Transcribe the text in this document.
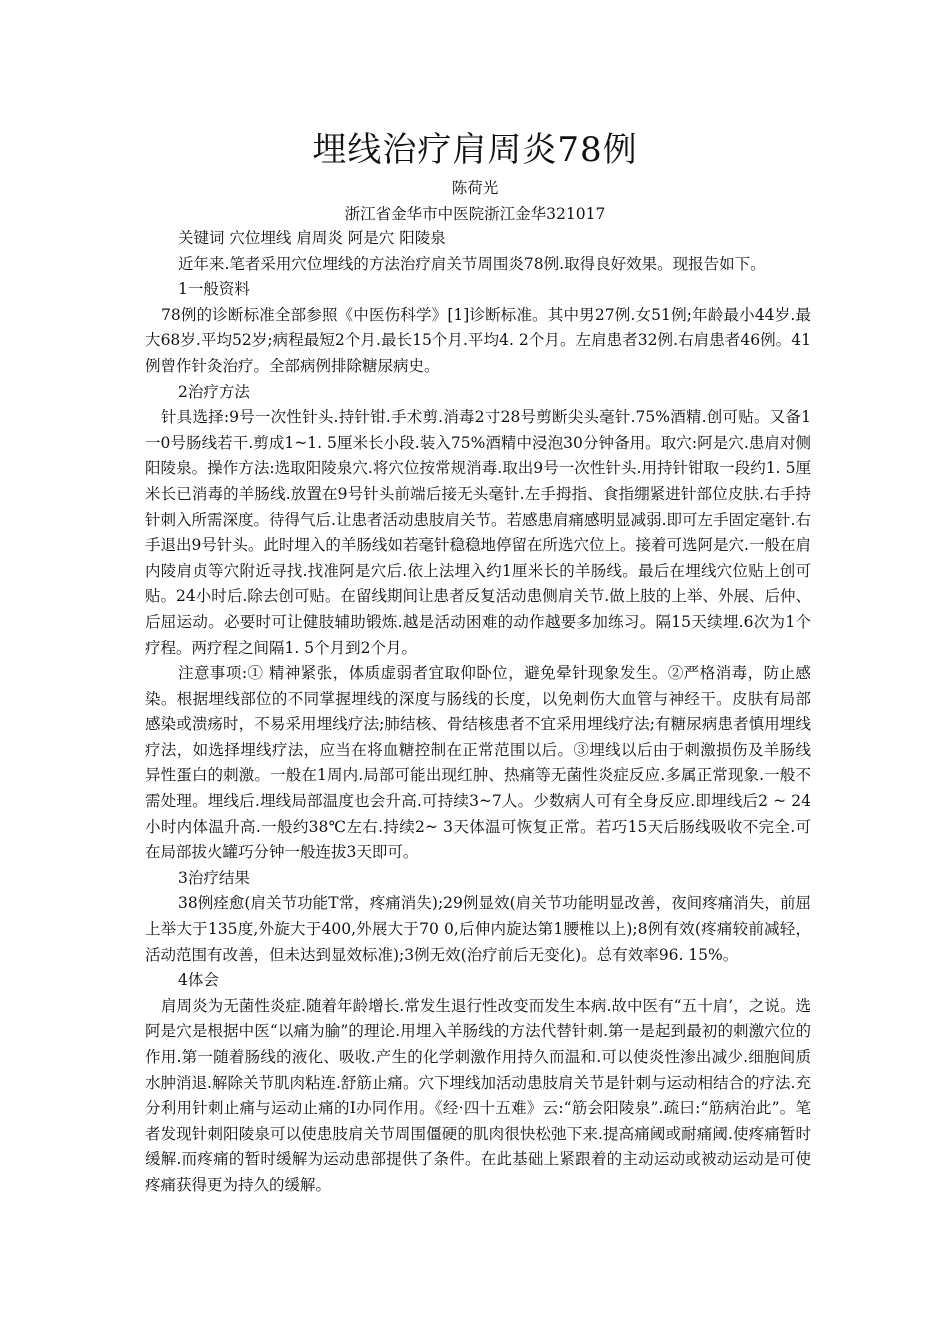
埋线治疗肩周炎78例
陈荷光
浙江省金华市中医院浙江金华321017

关键词 穴位埋线 肩周炎 阿是穴 阳陵泉

近年来.笔者采用穴位埋线的方法治疗肩关节周围炎78例.取得良好效果。现报告如下。

1一般资料

78例的诊断标准全部参照《中医伤科学》[1]诊断标准。其中男27例.女51例;年龄最小44岁.最大68岁.平均52岁;病程最短2个月.最长15个月.平均4. 2个月。左肩患者32例.右肩患者46例。41例曾作针灸治疗。全部病例排除糖尿病史。

2治疗方法

针具选择:9号一次性针头.持针钳.手术剪.消毒2寸28号剪断尖头毫针.75%酒精.创可贴。又备1一0号肠线若干.剪成1~1. 5厘米长小段.装入75%酒精中浸泡30分钟备用。取穴:阿是穴.患肩对侧阳陵泉。操作方法:选取阳陵泉穴.将穴位按常规消毒.取出9号一次性针头.用持针钳取一段约1. 5厘米长已消毒的羊肠线.放置在9号针头前端后接无头毫针.左手拇指、食指绷紧进针部位皮肤.右手持针刺入所需深度。待得气后.让患者活动患肢肩关节。若感患肩痛感明显减弱.即可左手固定毫针.右手退出9号针头。此时埋入的羊肠线如若毫针稳稳地停留在所选穴位上。接着可选阿是穴.一般在肩内陵肩贞等穴附近寻找.找准阿是穴后.依上法埋入约1厘米长的羊肠线。最后在埋线穴位贴上创可贴。24小时后.除去创可贴。在留线期间让患者反复活动患侧肩关节.做上肢的上举、外展、后仲、后屈运动。必要时可让健肢辅助锻炼.越是活动困难的动作越要多加练习。隔15天续埋.6次为1个疗程。两疗程之间隔1. 5个月到2个月。

注意事项:① 精神紧张，体质虚弱者宜取仰卧位，避免晕针现象发生。②严格消毒，防止感染。根据埋线部位的不同掌握埋线的深度与肠线的长度，以免刺伤大血管与神经干。皮肤有局部感染或溃疡时，不易采用埋线疗法;肺结核、骨结核患者不宜采用埋线疗法;有糖尿病患者慎用埋线疗法，如选择埋线疗法，应当在将血糖控制在正常范围以后。③埋线以后由于刺激损伤及羊肠线异性蛋白的刺激。一般在1周内.局部可能出现红肿、热痛等无菌性炎症反应.多属正常现象.一般不需处理。埋线后.埋线局部温度也会升高.可持续3~7人。少数病人可有全身反应.即埋线后2 ~ 24小时内体温升高.一般约38℃左右.持续2~ 3天体温可恢复正常。若巧15天后肠线吸收不完全.可在局部拔火罐巧分钟一般连拔3天即可。

3治疗结果

38例痊愈(肩关节功能T常，疼痛消失);29例显效(肩关节功能明显改善，夜间疼痛消失，前屈上举大于135度,外旋大于400,外展大于70 0,后伸内旋达第1腰椎以上);8例有效(疼痛较前减轻，活动范围有改善，但未达到显效标准);3例无效(治疗前后无变化)。总有效率96. 15%。

4体会

肩周炎为无菌性炎症.随着年龄增长.常发生退行性改变而发生本病.故中医有“五十肩’，之说。选阿是穴是根据中医“以痛为腧”的理论.用埋入羊肠线的方法代替针刺.第一是起到最初的刺激穴位的作用.第一随着肠线的液化、吸收.产生的化学刺激作用持久而温和.可以使炎性渗出减少.细胞间质水肿消退.解除关节肌肉粘连.舒筋止痛。穴下埋线加活动患肢肩关节是针刺与运动相结合的疗法.充分利用针刺止痛与运动止痛的I办同作用。《经·四十五难》云:“筋会阳陵泉”.疏曰:“筋病治此”。笔者发现针刺阳陵泉可以使患肢肩关节周围僵硬的肌肉很快松弛下来.提高痛阈或耐痛阈.使疼痛暂时缓解.而疼痛的暂时缓解为运动患部提供了条件。在此基础上紧跟着的主动运动或被动运动是可使疼痛获得更为持久的缓解。
